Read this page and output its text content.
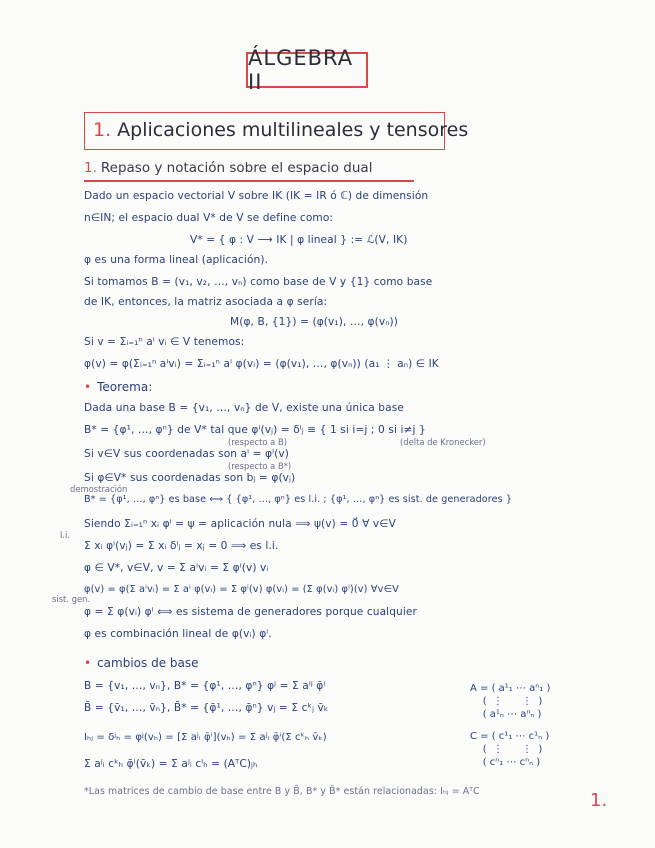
ÁLGEBRA II
1. Aplicaciones multilineales y tensores
1. Repaso y notación sobre el espacio dual
Dado un espacio vectorial V sobre IK (IK = IR ó ℂ) de dimensión
n∈IN; el espacio dual V* de V se define como:
V* = { φ : V ⟶ IK | φ lineal } := ℒ(V, IK)
φ es una forma lineal (aplicación).
Si tomamos B = (v₁, v₂, …, vₙ) como base de V y {1} como base
de IK, entonces, la matriz asociada a φ sería:
M(φ, B, {1}) = (φ(v₁), …, φ(vₙ))
Si v = Σᵢ₌₁ⁿ aⁱ vᵢ ∈ V tenemos:
φ(v) = φ(Σᵢ₌₁ⁿ aⁱvᵢ) = Σᵢ₌₁ⁿ aⁱ φ(vᵢ) = (φ(v₁), …, φ(vₙ)) (a₁ ⋮ aₙ) ∈ IK
• Teorema:
Dada una base B = {v₁, …, vₙ} de V, existe una única base
B* = {φ¹, …, φⁿ} de V* tal que φⁱ(vⱼ) = δⁱⱼ ≡ { 1 si i=j ; 0 si i≠j }
(respecto a B)	(delta de Kronecker)
Si v∈V sus coordenadas son aⁱ = φⁱ(v)
(respecto a B*)
Si φ∈V* sus coordenadas son bⱼ = φ(vⱼ)
demostración
B* = {φ¹, …, φⁿ} es base ⟺ { {φ¹, …, φⁿ} es l.i. ; {φ¹, …, φⁿ} es sist. de generadores }
l.i.
Siendo Σᵢ₌₁ⁿ xᵢ φⁱ = ψ = aplicación nula ⟹ ψ(v) = 0⃗ ∀ v∈V
Σ xᵢ φⁱ(vⱼ) = Σ xᵢ δⁱⱼ = xⱼ = 0 ⟹ es l.i.
φ ∈ V*, v∈V, v = Σ aⁱvᵢ = Σ φⁱ(v) vᵢ
sist. gen.
φ(v) = φ(Σ aⁱvᵢ) = Σ aⁱ φ(vᵢ) = Σ φⁱ(v) φ(vᵢ) = (Σ φ(vᵢ) φⁱ)(v) ∀v∈V
φ = Σ φ(vᵢ) φⁱ ⟺ es sistema de generadores porque cualquier
φ es combinación lineal de φ(vᵢ) φⁱ.
• cambios de base
B = {v₁, …, vₙ}, B* = {φ¹, …, φⁿ} φʲ = Σ aⁱʲ φ̄ⁱ
B̄ = {v̄₁, …, v̄ₙ}, B̄* = {φ̄¹, …, φ̄ⁿ} vⱼ = Σ cᵏⱼ v̄ₖ
A = ( a¹₁ ⋯ aⁿ₁ )
(  ⋮      ⋮  )
( a¹ₙ ⋯ aⁿₙ )
Iₕⱼ = δʲₕ = φʲ(vₕ) = [Σ aʲᵢ φ̄ⁱ](vₕ) = Σ aʲᵢ φ̄ⁱ(Σ cᵏₕ v̄ₖ)	C = ( c¹₁ ⋯ c¹ₙ )
(  ⋮      ⋮  )
( cⁿ₁ ⋯ cⁿₙ )
Σ aʲᵢ cᵏₕ φ̄ⁱ(v̄ₖ) = Σ aʲᵢ cⁱₕ = (AᵀC)ⱼₕ
*Las matrices de cambio de base entre B y B̄, B* y B̄* están relacionadas: Iₕⱼ = AᵀC	1.
